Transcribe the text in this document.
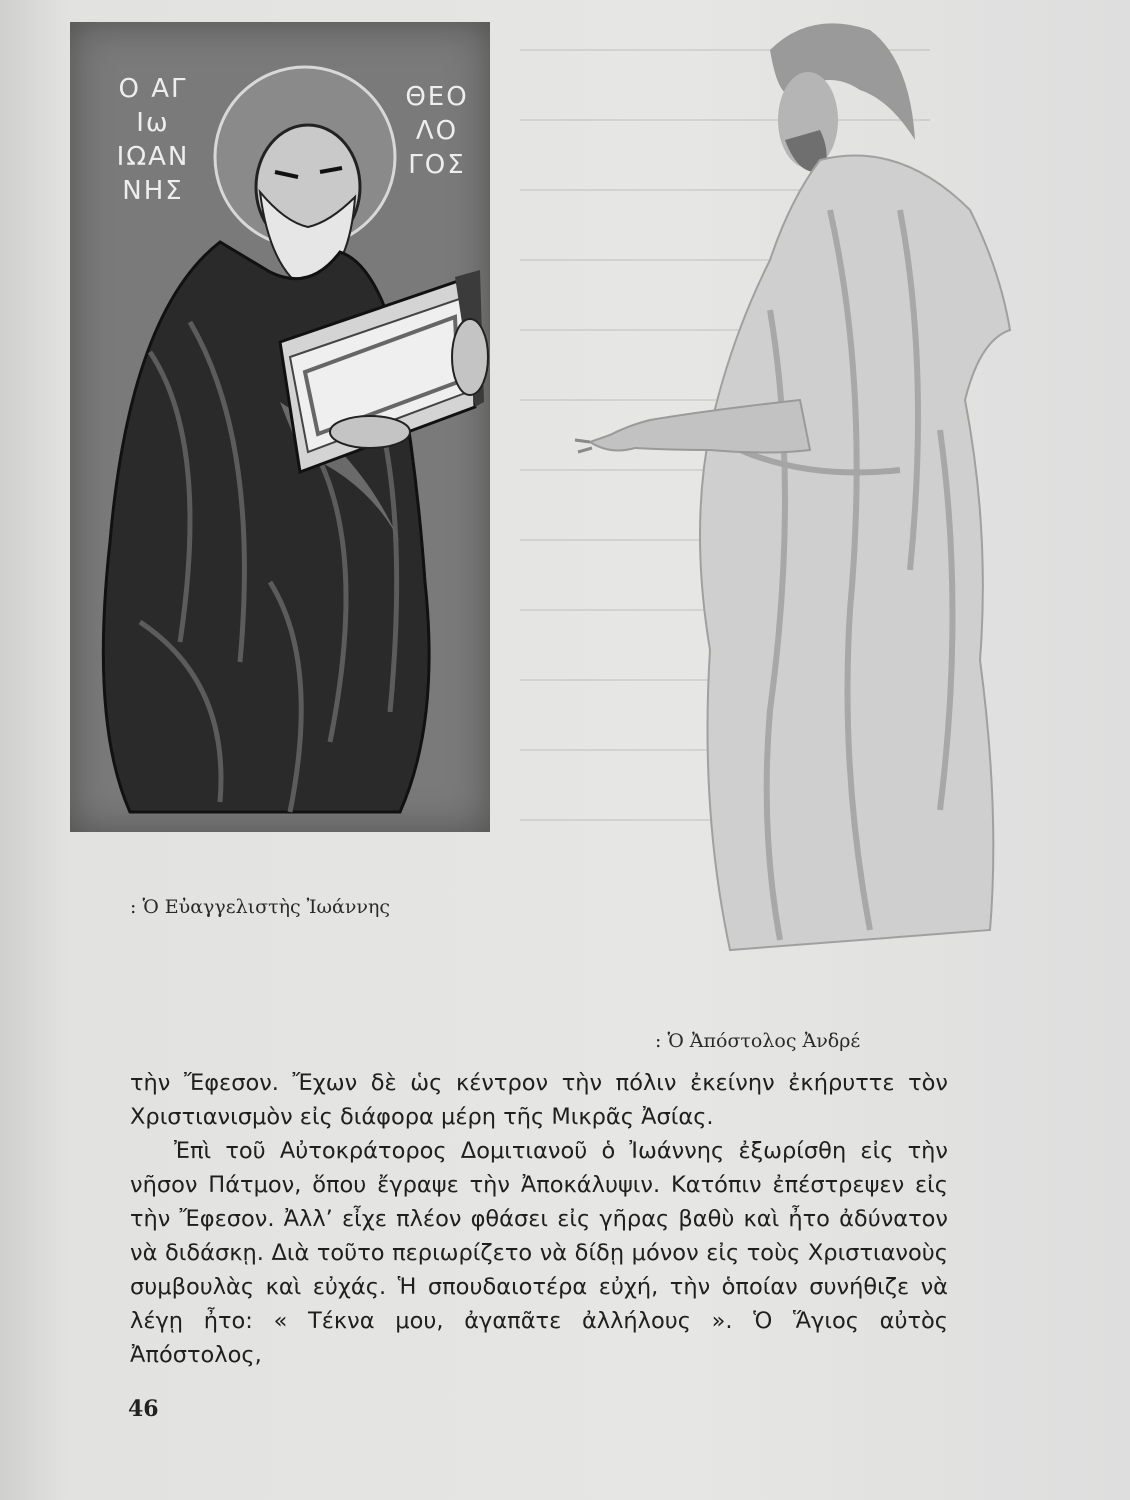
Ο ΑΓ
Ιω
ΙΩΑΝ
ΝΗΣ
ΘΕΟ
ΛΟ
ΓΟΣ
: Ὁ Εὐαγγελιστὴς Ἰωάννης
: Ὁ Ἀπόστολος Ἀνδρέ

τὴν Ἔφεσον. Ἔχων δὲ ὡς κέντρον τὴν πόλιν ἐκείνην ἐκήρυττε τὸν Χριστιανισμὸν εἰς διάφορα μέρη τῆς Μικρᾶς Ἀσίας.

Ἐπὶ τοῦ Αὐτοκράτορος Δομιτιανοῦ ὁ Ἰωάννης ἐξωρίσθη εἰς τὴν νῆσον Πάτμον, ὅπου ἔγραψε τὴν Ἀποκάλυψιν. Κατόπιν ἐπέστρεψεν εἰς τὴν Ἔφεσον. Ἀλλ’ εἶχε πλέον φθάσει εἰς γῆρας βαθὺ καὶ ἦτο ἀδύνατον νὰ διδάσκῃ. Διὰ τοῦτο περιωρίζετο νὰ δίδῃ μόνον εἰς τοὺς Χριστιανοὺς συμβουλὰς καὶ εὐχάς. Ἡ σπουδαιοτέρα εὐχή, τὴν ὁποίαν συνήθιζε νὰ λέγῃ ἦτο: « Τέκνα μου, ἀγαπᾶτε ἀλλήλους ». Ὁ Ἅγιος αὐτὸς Ἀπόστολος,

46
